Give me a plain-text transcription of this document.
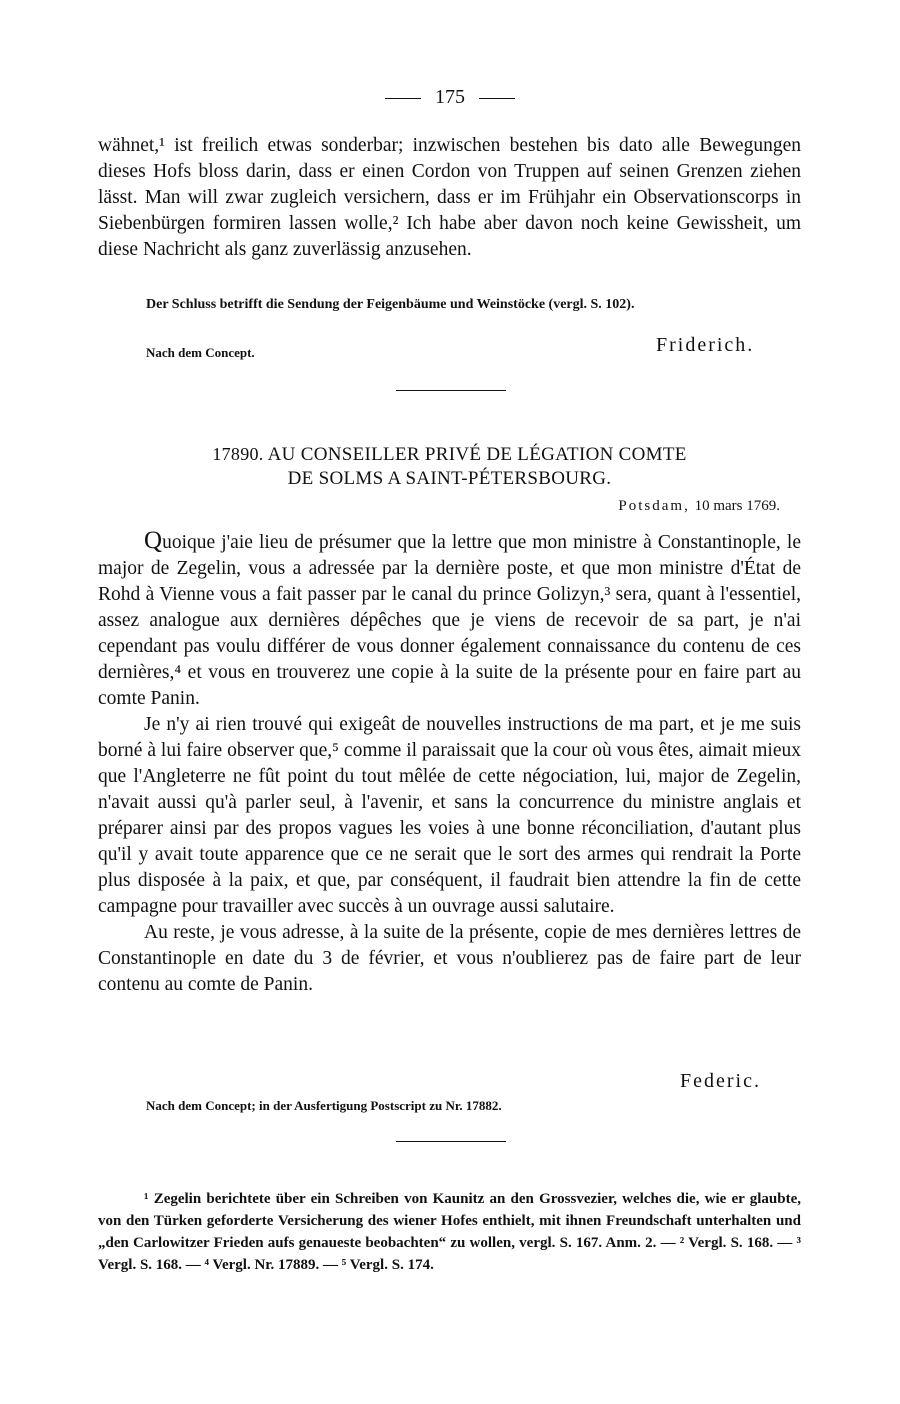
175

wähnet,¹ ist freilich etwas sonderbar; inzwischen bestehen bis dato alle Bewegungen dieses Hofs bloss darin, dass er einen Cordon von Truppen auf seinen Grenzen ziehen lässt. Man will zwar zugleich versichern, dass er im Frühjahr ein Observationscorps in Siebenbürgen formiren lassen wolle,² Ich habe aber davon noch keine Gewissheit, um diese Nachricht als ganz zuverlässig anzusehen.

Der Schluss betrifft die Sendung der Feigenbäume und Weinstöcke (vergl. S. 102).
Nach dem Concept.	Friderich.
17890. AU CONSEILLER PRIVÉ DE LÉGATION COMTE
DE SOLMS A SAINT-PÉTERSBOURG.
Potsdam, 10 mars 1769.

Quoique j'aie lieu de présumer que la lettre que mon ministre à Constantinople, le major de Zegelin, vous a adressée par la dernière poste, et que mon ministre d'État de Rohd à Vienne vous a fait passer par le canal du prince Golizyn,³ sera, quant à l'essentiel, assez analogue aux dernières dépêches que je viens de recevoir de sa part, je n'ai cependant pas voulu différer de vous donner également connaissance du contenu de ces dernières,⁴ et vous en trouverez une copie à la suite de la présente pour en faire part au comte Panin.

Je n'y ai rien trouvé qui exigeât de nouvelles instructions de ma part, et je me suis borné à lui faire observer que,⁵ comme il paraissait que la cour où vous êtes, aimait mieux que l'Angleterre ne fût point du tout mêlée de cette négociation, lui, major de Zegelin, n'avait aussi qu'à parler seul, à l'avenir, et sans la concurrence du ministre anglais et préparer ainsi par des propos vagues les voies à une bonne réconciliation, d'autant plus qu'il y avait toute apparence que ce ne serait que le sort des armes qui rendrait la Porte plus disposée à la paix, et que, par conséquent, il faudrait bien attendre la fin de cette campagne pour travailler avec succès à un ouvrage aussi salutaire.

Au reste, je vous adresse, à la suite de la présente, copie de mes dernières lettres de Constantinople en date du 3 de février, et vous n'oublierez pas de faire part de leur contenu au comte de Panin.

Federic.
Nach dem Concept; in der Ausfertigung Postscript zu Nr. 17882.

¹ Zegelin berichtete über ein Schreiben von Kaunitz an den Grossvezier, welches die, wie er glaubte, von den Türken geforderte Versicherung des wiener Hofes enthielt, mit ihnen Freundschaft unterhalten und „den Carlowitzer Frieden aufs genaueste beobachten“ zu wollen, vergl. S. 167. Anm. 2. — ² Vergl. S. 168. — ³ Vergl. S. 168. — ⁴ Vergl. Nr. 17889. — ⁵ Vergl. S. 174.
